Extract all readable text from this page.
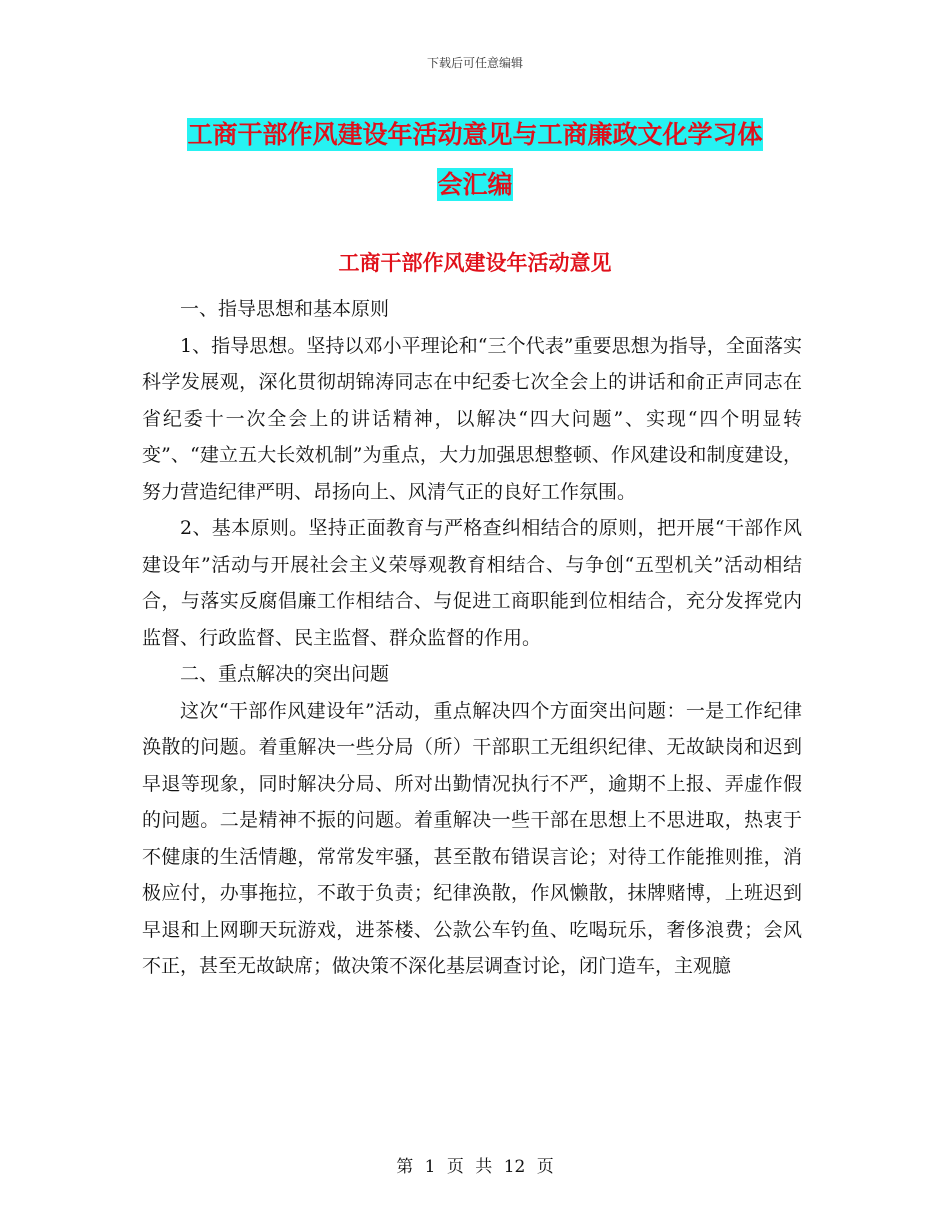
下载后可任意编辑
工商干部作风建设年活动意见与工商廉政文化学习体
会汇编
工商干部作风建设年活动意见

一、指导思想和基本原则

1、指导思想。坚持以邓小平理论和“三个代表”重要思想为指导，全面落实科学发展观，深化贯彻胡锦涛同志在中纪委七次全会上的讲话和俞正声同志在省纪委十一次全会上的讲话精神，以解决“四大问题”、实现“四个明显转变”、“建立五大长效机制”为重点，大力加强思想整顿、作风建设和制度建设，努力营造纪律严明、昂扬向上、风清气正的良好工作氛围。

2、基本原则。坚持正面教育与严格查纠相结合的原则，把开展“干部作风建设年”活动与开展社会主义荣辱观教育相结合、与争创“五型机关”活动相结合，与落实反腐倡廉工作相结合、与促进工商职能到位相结合，充分发挥党内监督、行政监督、民主监督、群众监督的作用。

二、重点解决的突出问题

这次“干部作风建设年”活动，重点解决四个方面突出问题：一是工作纪律涣散的问题。着重解决一些分局（所）干部职工无组织纪律、无故缺岗和迟到早退等现象，同时解决分局、所对出勤情况执行不严，逾期不上报、弄虚作假的问题。二是精神不振的问题。着重解决一些干部在思想上不思进取，热衷于不健康的生活情趣，常常发牢骚，甚至散布错误言论；对待工作能推则推，消极应付，办事拖拉，不敢于负责；纪律涣散，作风懒散，抹牌赌博，上班迟到早退和上网聊天玩游戏，进茶楼、公款公车钓鱼、吃喝玩乐，奢侈浪费；会风不正，甚至无故缺席；做决策不深化基层调查讨论，闭门造车，主观臆

第 1 页 共 12 页
